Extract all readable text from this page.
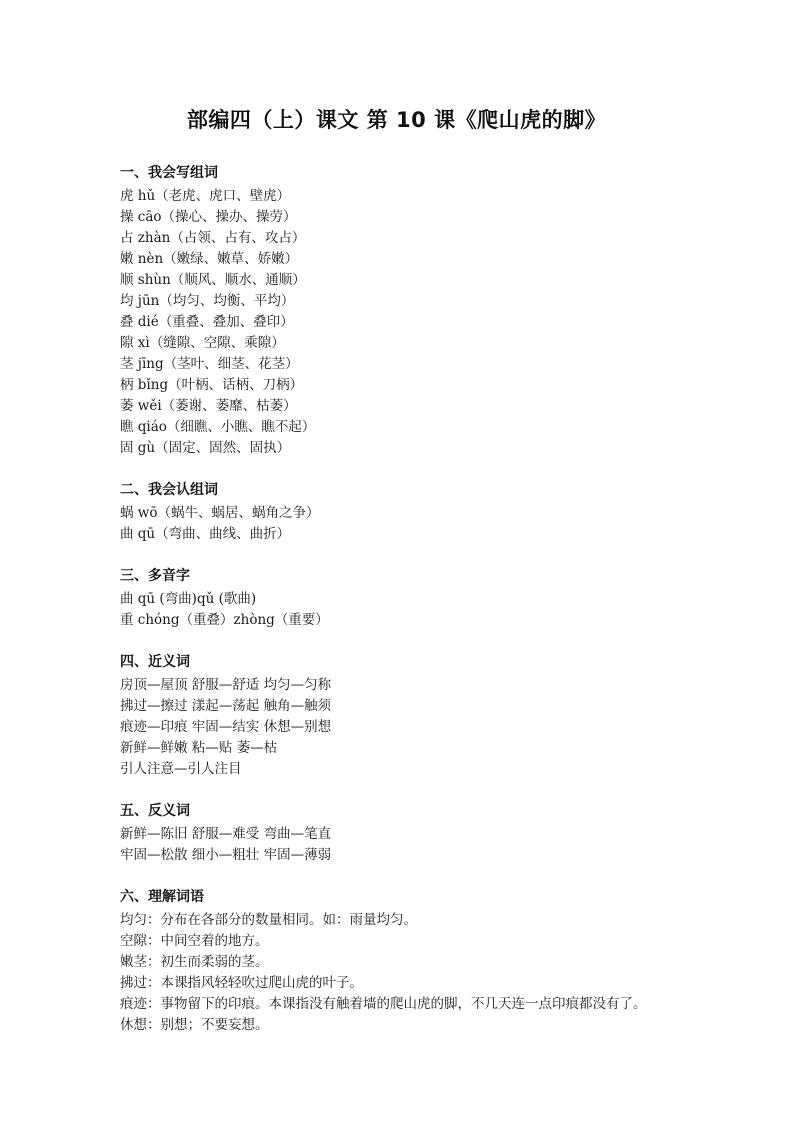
部编四（上）课文 第 10 课《爬山虎的脚》
一、我会写组词
虎 hǔ（老虎、虎口、壁虎）
操 cāo（操心、操办、操劳）
占 zhàn（占领、占有、攻占）
嫩 nèn（嫩绿、嫩草、娇嫩）
顺 shùn（顺风、顺水、通顺）
均 jūn（均匀、均衡、平均）
叠 dié（重叠、叠加、叠印）
隙 xì（缝隙、空隙、乘隙）
茎 jīng（茎叶、细茎、花茎）
柄 bǐng（叶柄、话柄、刀柄）
萎 wěi（萎谢、萎靡、枯萎）
瞧 qiáo（细瞧、小瞧、瞧不起）
固 gù（固定、固然、固执）
二、我会认组词
蜗 wō（蜗牛、蜗居、蜗角之争）
曲 qū（弯曲、曲线、曲折）
三、多音字
曲 qū (弯曲)qǔ (歌曲)
重 chóng（重叠）zhòng（重要）
四、近义词
房顶—屋顶 舒服—舒适 均匀—匀称
拂过—擦过 漾起—荡起 触角—触须
痕迹—印痕 牢固—结实 休想—别想
新鲜—鲜嫩 粘—贴 萎—枯
引人注意—引人注目
五、反义词
新鲜—陈旧 舒服—难受 弯曲—笔直
牢固—松散 细小—粗壮 牢固—薄弱
六、理解词语
均匀：分布在各部分的数量相同。如：雨量均匀。
空隙：中间空着的地方。
嫩茎：初生而柔弱的茎。
拂过：本课指风轻轻吹过爬山虎的叶子。
痕迹：事物留下的印痕。本课指没有触着墙的爬山虎的脚，不几天连一点印痕都没有了。
休想：别想；不要妄想。
